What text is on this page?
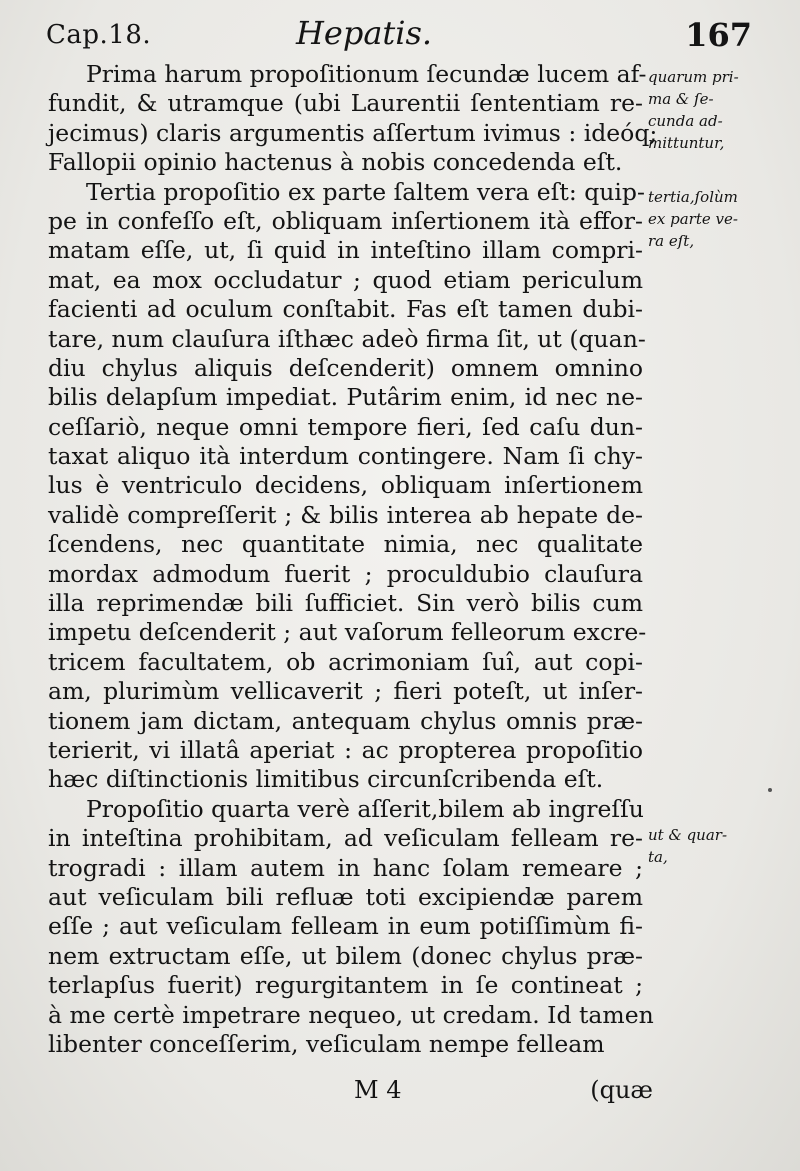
Cap.18.	Hepatis.	167
Prima harum propoſitionum ſecundæ lucem af-
fundit, & utramque (ubi Laurentii ſententiam re-
jecimus) claris argumentis aſſertum ivimus : ideóq;
Fallopii opinio hactenus à nobis concedenda eſt.
Tertia propoſitio ex parte ſaltem vera eſt: quip-
pe in confeſſo eſt, obliquam inſertionem ità effor-
matam eſſe, ut, ſi quid in inteſtino illam compri-
mat, ea mox occludatur ; quod etiam periculum
facienti ad oculum conſtabit. Fas eſt tamen dubi-
tare, num clauſura iſthæc adeò firma ſit, ut (quan-
diu chylus aliquis deſcenderit) omnem omnino
bilis delapſum impediat. Putârim enim, id nec ne-
ceſſariò, neque omni tempore fieri, ſed caſu dun-
taxat aliquo ità interdum contingere. Nam ſi chy-
lus è ventriculo decidens, obliquam inſertionem
validè compreſſerit ; & bilis interea ab hepate de-
ſcendens, nec quantitate nimia, nec qualitate
mordax admodum fuerit ; proculdubio clauſura
illa reprimendæ bili ſufficiet. Sin verò bilis cum
impetu deſcenderit ; aut vaſorum felleorum excre-
tricem facultatem, ob acrimoniam ſuî, aut copi-
am, plurimùm vellicaverit ; fieri poteſt, ut inſer-
tionem jam dictam, antequam chylus omnis præ-
terierit, vi illatâ aperiat : ac propterea propoſitio
hæc diſtinctionis limitibus circunſcribenda eſt.
Propoſitio quarta verè aſſerit,bilem ab ingreſſu
in inteſtina prohibitam, ad veſiculam felleam re-
trogradi : illam autem in hanc ſolam remeare ;
aut veſiculam bili refluæ toti excipiendæ parem
eſſe ; aut veſiculam felleam in eum potiſſimùm fi-
nem extructam eſſe, ut bilem (donec chylus præ-
terlapſus fuerit) regurgitantem in ſe contineat ;
à me certè impetrare nequeo, ut credam. Id tamen
libenter conceſſerim, veſiculam nempe felleam
quarum pri-
ma & ſe-
cunda ad-
mittuntur,
tertia,ſolùm
ex parte ve-
ra eſt,
ut & quar-
ta,
M 4	(quæ
